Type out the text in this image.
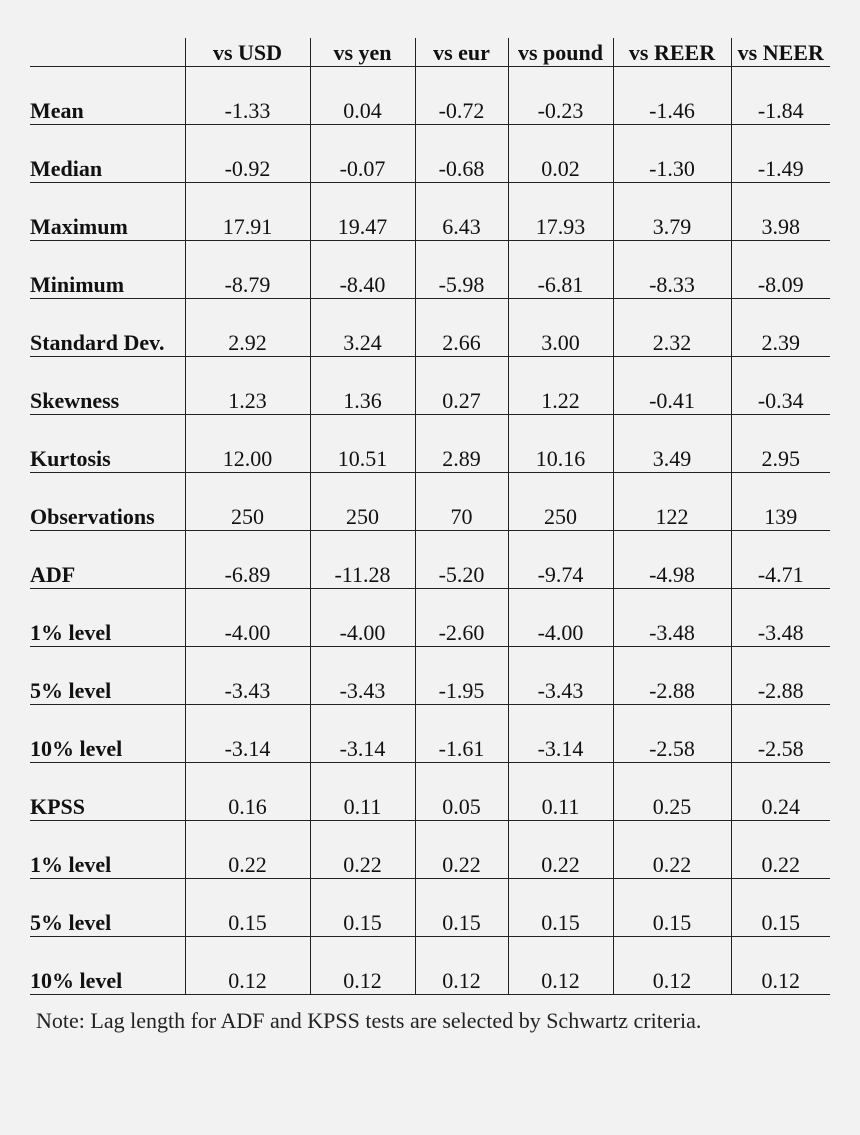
	vs USD	vs yen	vs eur	vs pound	vs REER	vs NEER
Mean	-1.33	0.04	-0.72	-0.23	-1.46	-1.84
Median	-0.92	-0.07	-0.68	0.02	-1.30	-1.49
Maximum	17.91	19.47	6.43	17.93	3.79	3.98
Minimum	-8.79	-8.40	-5.98	-6.81	-8.33	-8.09
Standard Dev.	2.92	3.24	2.66	3.00	2.32	2.39
Skewness	1.23	1.36	0.27	1.22	-0.41	-0.34
Kurtosis	12.00	10.51	2.89	10.16	3.49	2.95
Observations	250	250	70	250	122	139
ADF	-6.89	-11.28	-5.20	-9.74	-4.98	-4.71
1% level	-4.00	-4.00	-2.60	-4.00	-3.48	-3.48
5% level	-3.43	-3.43	-1.95	-3.43	-2.88	-2.88
10% level	-3.14	-3.14	-1.61	-3.14	-2.58	-2.58
KPSS	0.16	0.11	0.05	0.11	0.25	0.24
1% level	0.22	0.22	0.22	0.22	0.22	0.22
5% level	0.15	0.15	0.15	0.15	0.15	0.15
10% level	0.12	0.12	0.12	0.12	0.12	0.12
Note: Lag length for ADF and KPSS tests are selected by Schwartz criteria.
